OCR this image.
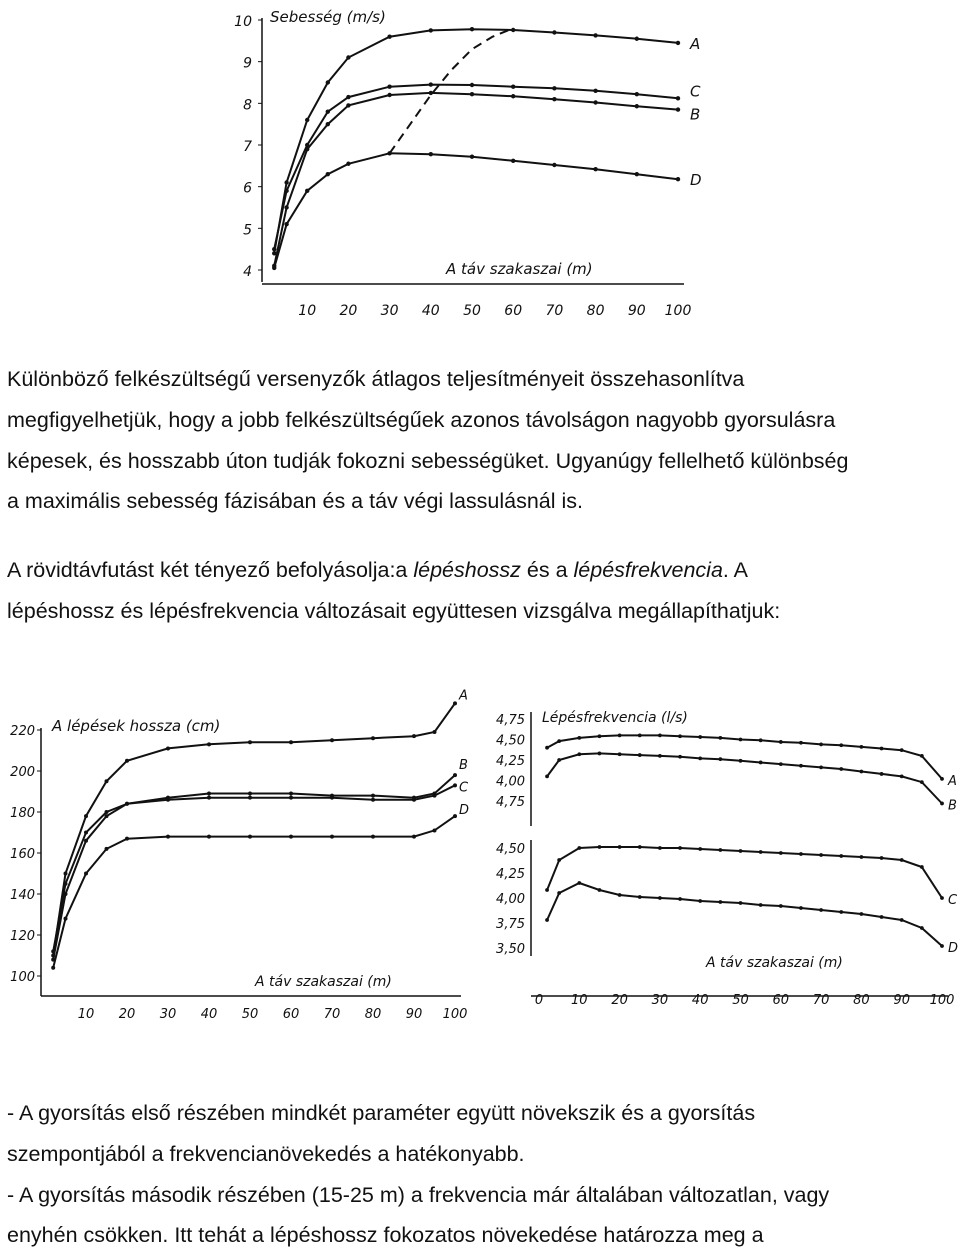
4
5
6
7
8
9
10
10 20 30 40 50 60 70 80 90 100
Sebesség (m/s)
A táv szakaszai (m)
A
C
B
D

Különböző felkészültségű versenyzők átlagos teljesítményeit összehasonlítva

megfigyelhetjük, hogy a jobb felkészültségűek azonos távolságon nagyobb gyorsulásra

képesek, és hosszabb úton tudják fokozni sebességüket. Ugyanúgy fellelhető különbség

a maximális sebesség fázisában és a táv végi lassulásnál is.

A rövidtávfutást két tényező befolyásolja:a lépéshossz és a lépésfrekvencia. A

lépéshossz és lépésfrekvencia változásait együttesen vizsgálva megállapíthatjuk:

100
120
140
160
180
200
220
10 20 30 40 50 60 70 80 90 100
A lépések hossza (cm)
A táv szakaszai (m)
A
B
C
D
4,75
4,50
4,25
4,00
4,75
4,50
4,25
4,00
3,75
3,50
0 10 20 30 40 50 60 70 80 90 100
Lépésfrekvencia (l/s)
A táv szakaszai (m)
A
B
C
D

- A gyorsítás első részében mindkét paraméter együtt növekszik és a gyorsítás

szempontjából a frekvencianövekedés a hatékonyabb.

- A gyorsítás második részében (15-25 m) a frekvencia már általában változatlan, vagy

enyhén csökken. Itt tehát a lépéshossz fokozatos növekedése határozza meg a
